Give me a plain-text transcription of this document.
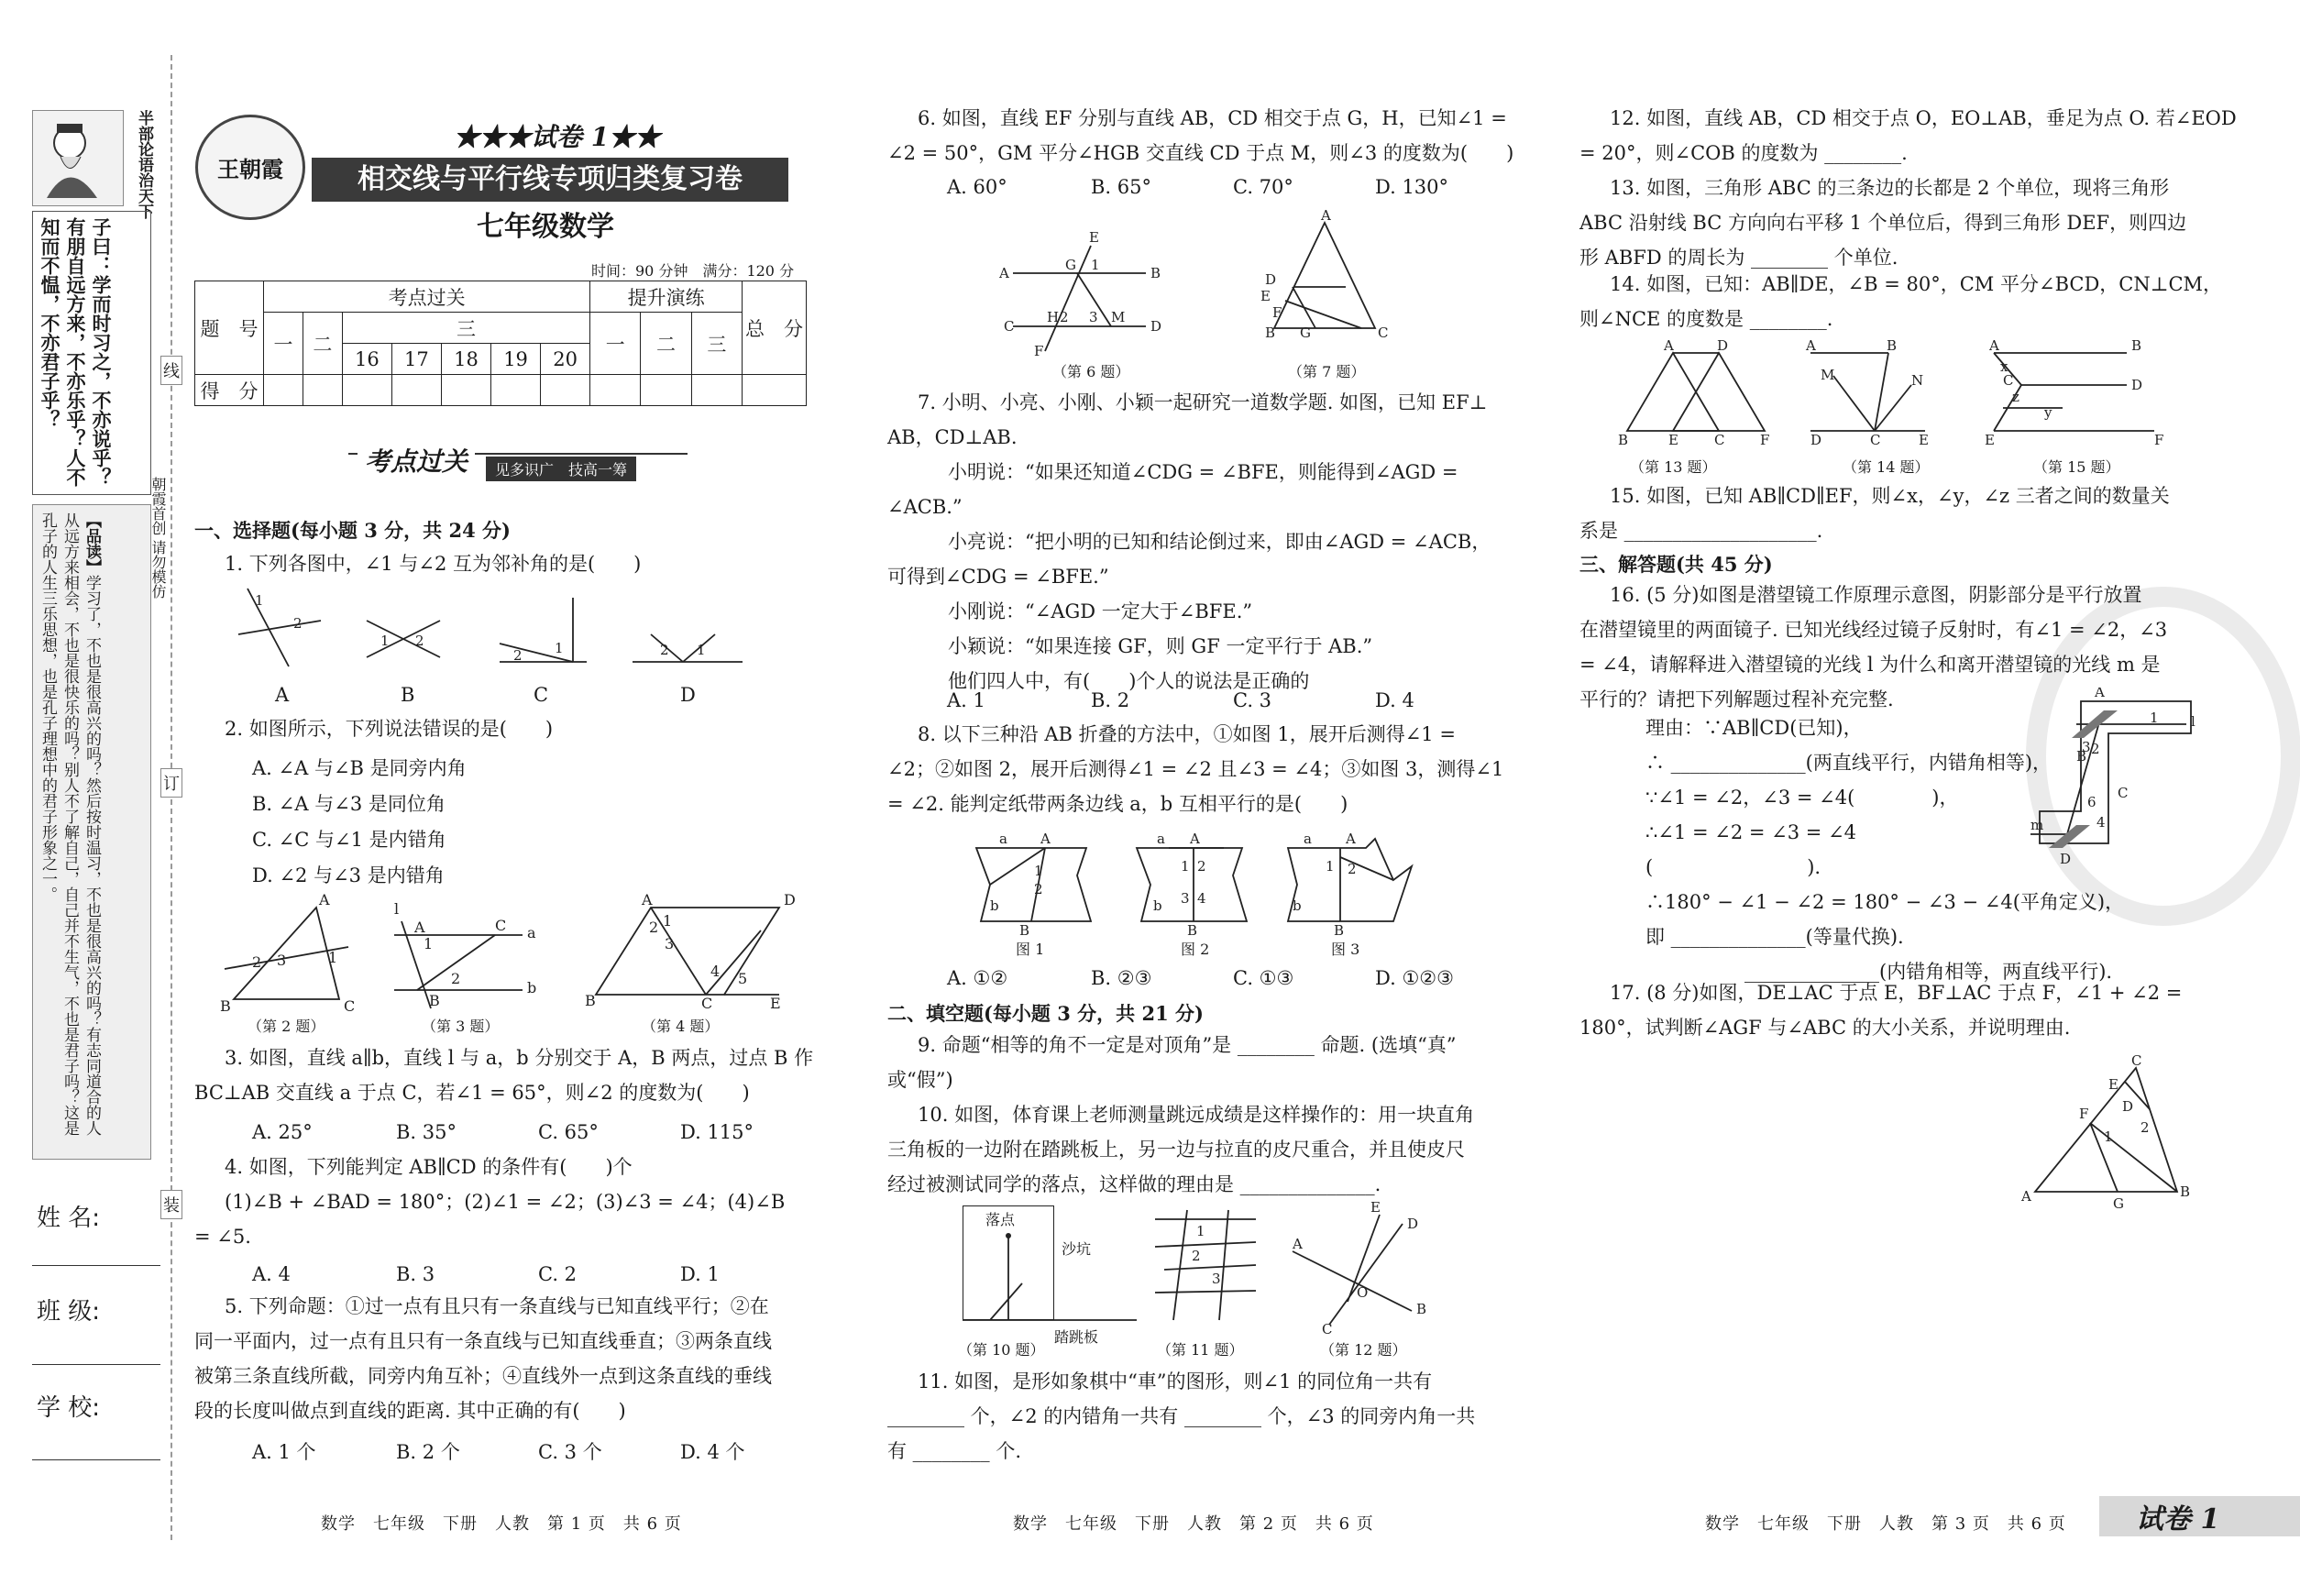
半部论语治天下
子曰：学而时习之，不亦说乎？有朋自远方来，不亦乐乎？人不知而不愠，不亦君子乎？
【品读】学习了，不也是很高兴的吗？然后按时温习，不也是很高兴的吗？有志同道合的人从远方来相会，不也是很快乐的吗？别人不了解自己，自己并不生气，不也是君子吗？这是孔子的人生三乐思想，也是孔子理想中的君子形象之一。
姓 名:
班 级:
学 校:
线
订
装
朝霞首创 请勿模仿
王朝霞
★★★试卷 1★★
相交线与平行线专项归类复习卷
七年级数学
时间：90 分钟　满分：120 分
题　号	考点过关							提升演练			总　分
	一	二	三					一	二	三	
			16	17	18	19	20				
得　分											
考点过关	见多识广　技高一筹
一、选择题(每小题 3 分，共 24 分)
1. 下列各图中，∠1 与∠2 互为邻补角的是(　　)
1
2
1 2
2 1	2 1
A	B	C	D
2. 如图所示，下列说法错误的是(　　)
A. ∠A 与∠B 是同旁内角
B. ∠A 与∠3 是同位角
C. ∠C 与∠1 是内错角
D. ∠2 与∠3 是内错角
B
A
C
2 3	1
l
A	C a
b
B
1
2
A	D
B	C	E
1
2
3
4 5
（第 2 题）	（第 3 题）	（第 4 题）
3. 如图，直线 a∥b，直线 l 与 a，b 分别交于 A，B 两点，过点 B 作
BC⊥AB 交直线 a 于点 C，若∠1 = 65°，则∠2 的度数为(　　)
A. 25°	B. 35°	C. 65°	D. 115°
4. 如图，下列能判定 AB∥CD 的条件有(　　)个
(1)∠B + ∠BAD = 180°；(2)∠1 = ∠2；(3)∠3 = ∠4；(4)∠B
= ∠5.
A. 4	B. 3	C. 2	D. 1
5. 下列命题：①过一点有且只有一条直线与已知直线平行；②在
同一平面内，过一点有且只有一条直线与已知直线垂直；③两条直线
被第三条直线所截，同旁内角互补；④直线外一点到这条直线的垂线
段的长度叫做点到直线的距离. 其中正确的有(　　)
A. 1 个	B. 2 个	C. 3 个	D. 4 个
6. 如图，直线 EF 分别与直线 AB，CD 相交于点 G，H，已知∠1 =
∠2 = 50°，GM 平分∠HGB 交直线 CD 于点 M，则∠3 的度数为(　　)
A. 60°	B. 65°	C. 70°	D. 130°
A	B
C	D
E
F
G 1
H 2 3 M
A
D
E
F
B G	C
（第 6 题）	（第 7 题）
7. 小明、小亮、小刚、小颖一起研究一道数学题. 如图，已知 EF⊥
AB，CD⊥AB.
小明说：“如果还知道∠CDG = ∠BFE，则能得到∠AGD =
∠ACB.”
小亮说：“把小明的已知和结论倒过来，即由∠AGD = ∠ACB，
可得到∠CDG = ∠BFE.”
小刚说：“∠AGD 一定大于∠BFE.”
小颖说：“如果连接 GF，则 GF 一定平行于 AB.”
他们四人中，有(　　)个人的说法是正确的
A. 1	B. 2	C. 3	D. 4
8. 以下三种沿 AB 折叠的方法中，①如图 1，展开后测得∠1 =
∠2；②如图 2，展开后测得∠1 = ∠2 且∠3 = ∠4；③如图 3，测得∠1
= ∠2. 能判定纸带两条边线 a，b 互相平行的是(　　)
a A
b
B
1
2
a A
b
B
1 2
3 4
a A
b
B
1 2
图 1	图 2	图 3
A. ①②	B. ②③	C. ①③	D. ①②③
二、填空题(每小题 3 分，共 21 分)
9. 命题“相等的角不一定是对顶角”是 ________ 命题. (选填“真”
或“假”)
10. 如图，体育课上老师测量跳远成绩是这样操作的：用一块直角
三角板的一边附在踏跳板上，另一边与拉直的皮尺重合，并且使皮尺
经过被测试同学的落点，这样做的理由是 ______________.
落点
沙坑
踏跳板
1
2
3
A
E
D
O
B
C
（第 10 题）	（第 11 题）	（第 12 题）
11. 如图，是形如象棋中“車”的图形，则∠1 的同位角一共有
________ 个，∠2 的内错角一共有 ________ 个，∠3 的同旁内角一共
有 ________ 个.
12. 如图，直线 AB，CD 相交于点 O，EO⊥AB，垂足为点 O. 若∠EOD
= 20°，则∠COB 的度数为 ________.
13. 如图，三角形 ABC 的三条边的长都是 2 个单位，现将三角形
ABC 沿射线 BC 方向向右平移 1 个单位后，得到三角形 DEF，则四边
形 ABFD 的周长为 ________ 个单位.
14. 如图，已知：AB∥DE，∠B = 80°，CM 平分∠BCD，CN⊥CM，
则∠NCE 的度数是 ________.
A	D
B	E	C	F
A	B
M	N
D	C	E
A	B
C	D
E	F
x
z
y
（第 13 题）	（第 14 题）	（第 15 题）
15. 如图，已知 AB∥CD∥EF，则∠x，∠y，∠z 三者之间的数量关
系是 ____________________.
三、解答题(共 45 分)
16. (5 分)如图是潜望镜工作原理示意图，阴影部分是平行放置
在潜望镜里的两面镜子. 已知光线经过镜子反射时，有∠1 = ∠2，∠3
= ∠4，请解释进入潜望镜的光线 l 为什么和离开潜望镜的光线 m 是
平行的？请把下列解题过程补充完整.
理由：∵AB∥CD(已知)，
∴ ______________(两直线平行，内错角相等)，
∵∠1 = ∠2，∠3 = ∠4(　　　　)，
∴∠1 = ∠2 = ∠3 = ∠4
(　　　　　　　　).
∴180° − ∠1 − ∠2 = 180° − ∠3 − ∠4(平角定义)，
即 ______________(等量代换).
______________(内错角相等，两直线平行).
A
1 l
B 2
3
C
6
4
D
m
17. (8 分)如图，DE⊥AC 于点 E，BF⊥AC 于点 F，∠1 + ∠2 =
180°，试判断∠AGF 与∠ABC 的大小关系，并说明理由.
A
C
E
D
F
B
G
1
2
数学　七年级　下册　人教　第 1 页　共 6 页	数学　七年级　下册　人教　第 2 页　共 6 页	数学　七年级　下册　人教　第 3 页　共 6 页	试卷 1
